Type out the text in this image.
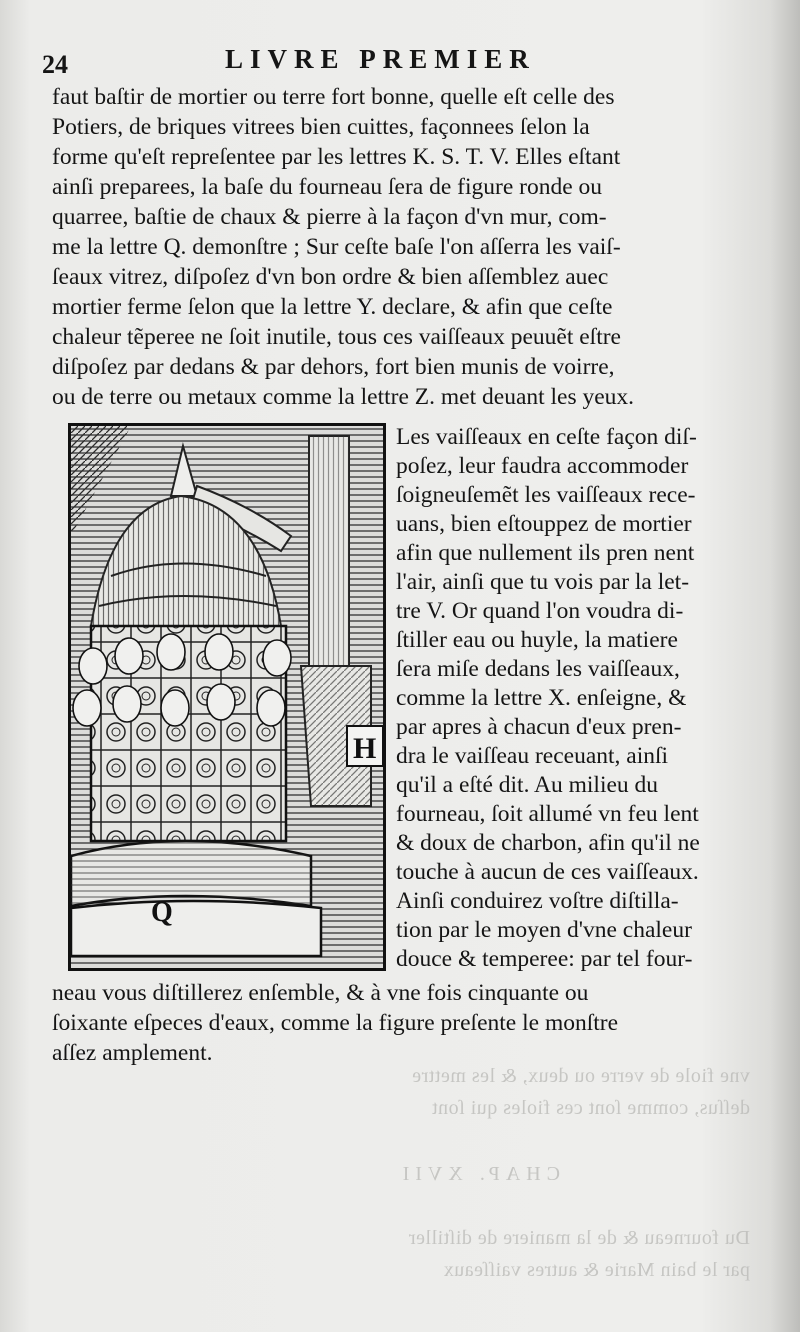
vne fiole de verre ou deux, & les mettre
deſſus, comme ſont ces fioles qui ſont
CHAP. XVII
Du fourneau & de la maniere de diſtiller
par le bain Marie & autres vaiſſeaux
24	LIVRE PREMIER
faut baſtir de mortier ou terre fort bonne, quelle eſt celle des
Potiers, de briques vitrees bien cuittes, façonnees ſelon la
forme qu'eſt repreſentee par les lettres K. S. T. V. Elles eſtant
ainſi preparees, la baſe du fourneau ſera de figure ronde ou
quarree, baſtie de chaux & pierre à la façon d'vn mur, com-
me la lettre Q. demonſtre ; Sur ceſte baſe l'on aſſerra les vaiſ-
ſeaux vitrez, diſpoſez d'vn bon ordre & bien aſſemblez auec
mortier ferme ſelon que la lettre Y. declare, & afin que ceſte
chaleur tẽperee ne ſoit inutile, tous ces vaiſſeaux peuuẽt eſtre
diſpoſez par dedans & par dehors, fort bien munis de voirre,
ou de terre ou metaux comme la lettre Z. met deuant les yeux.
H
Q
Les vaiſſeaux en ceſte façon diſ-
poſez, leur faudra accommoder
ſoigneuſemẽt les vaiſſeaux rece-
uans, bien eſtouppez de mortier
afin que nullement ils pren nent
l'air, ainſi que tu vois par la let-
tre V. Or quand l'on voudra di-
ſtiller eau ou huyle, la matiere
ſera miſe dedans les vaiſſeaux,
comme la lettre X. enſeigne, &
par apres à chacun d'eux pren-
dra le vaiſſeau receuant, ainſi
qu'il a eſté dit. Au milieu du
fourneau, ſoit allumé vn feu lent
& doux de charbon, afin qu'il ne
touche à aucun de ces vaiſſeaux.
Ainſi conduirez voſtre diſtilla-
tion par le moyen d'vne chaleur
douce & temperee: par tel four-
neau vous diſtillerez enſemble, & à vne fois cinquante ou
ſoixante eſpeces d'eaux, comme la figure preſente le monſtre
aſſez amplement.
